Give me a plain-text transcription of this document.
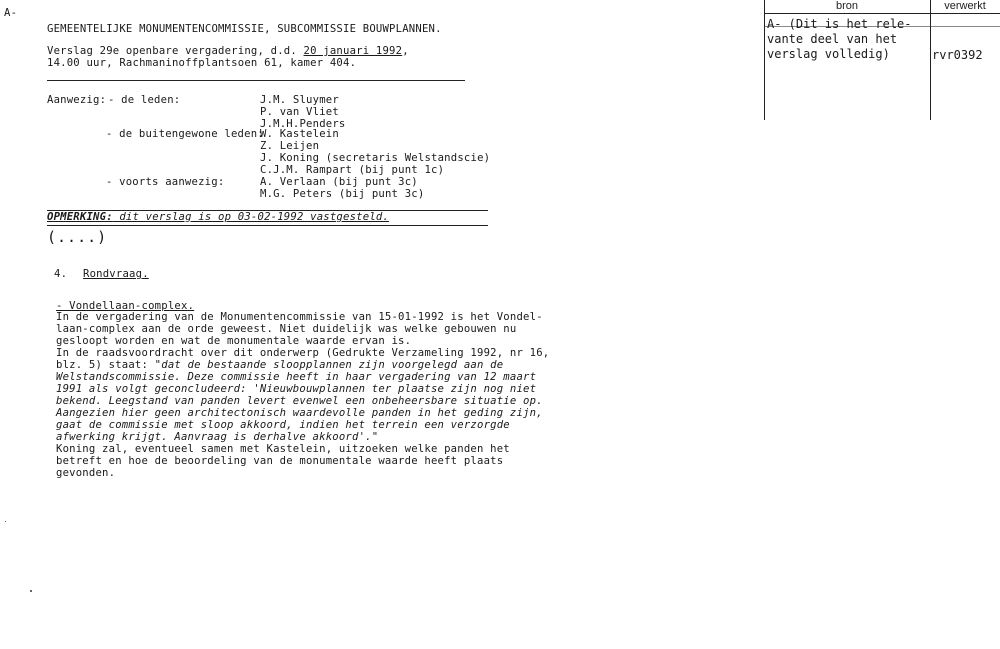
A-
bron	verwerkt
A- (Dit is het rele-
vante deel van het
verslag volledig)	rvr0392
GEMEENTELIJKE MONUMENTENCOMMISSIE, SUBCOMMISSIE BOUWPLANNEN.
Verslag 29e openbare vergadering, d.d. 20 januari 1992,
14.00 uur, Rachmaninoffplantsoen 61, kamer 404.
Aanwezig: - de leden:
- de buitengewone leden:
- voorts aanwezig:
J.M. Sluymer
P. van Vliet
J.M.H.Penders
W. Kastelein
Z. Leijen
J. Koning (secretaris Welstandscie)
C.J.M. Rampart (bij punt 1c)
A. Verlaan (bij punt 3c)
M.G. Peters (bij punt 3c)
OPMERKING: dit verslag is op 03-02-1992 vastgesteld.
(....)
4. Rondvraag.
- Vondellaan-complex.
In de vergadering van de Monumentencommissie van 15-01-1992 is het Vondel-
laan-complex aan de orde geweest. Niet duidelijk was welke gebouwen nu
gesloopt worden en wat de monumentale waarde ervan is.
In de raadsvoordracht over dit onderwerp (Gedrukte Verzameling 1992, nr 16,
blz. 5) staat: "dat de bestaande sloopplannen zijn voorgelegd aan de
Welstandscommissie. Deze commissie heeft in haar vergadering van 12 maart
1991 als volgt geconcludeerd: 'Nieuwbouwplannen ter plaatse zijn nog niet
bekend. Leegstand van panden levert evenwel een onbeheersbare situatie op.
Aangezien hier geen architectonisch waardevolle panden in het geding zijn,
gaat de commissie met sloop akkoord, indien het terrein een verzorgde
afwerking krijgt. Aanvraag is derhalve akkoord'."
Koning zal, eventueel samen met Kastelein, uitzoeken welke panden het
betreft en hoe de beoordeling van de monumentale waarde heeft plaats
gevonden.
